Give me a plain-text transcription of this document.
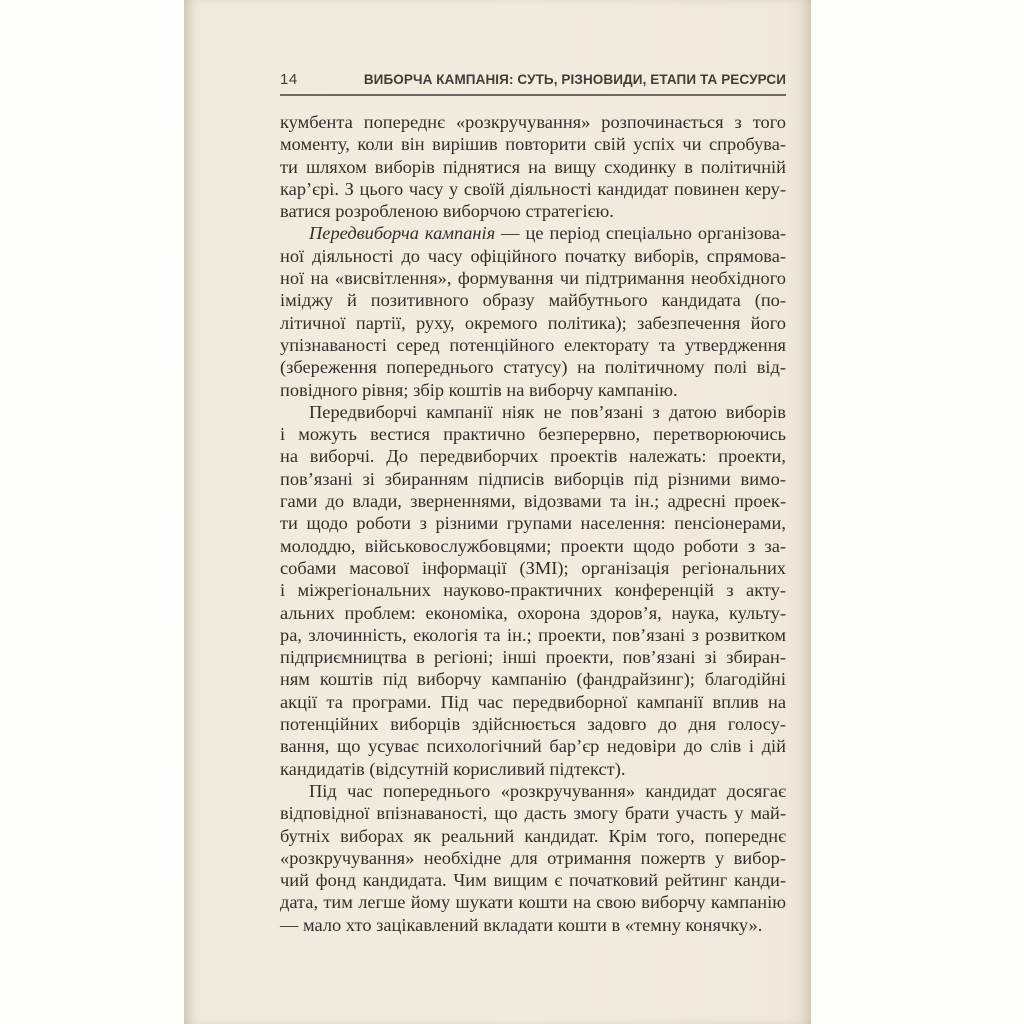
14	ВИБОРЧА КАМПАНІЯ: СУТЬ, РІЗНОВИДИ, ЕТАПИ ТА РЕСУРСИ
кумбента попереднє «розкручування» розпочинається з того
моменту, коли він вирішив повторити свій успіх чи спробува-
ти шляхом виборів піднятися на вищу сходинку в політичній
кар’єрі. З цього часу у своїй діяльності кандидат повинен керу-
ватися розробленою виборчою стратегією.
Передвиборча кампанія — це період спеціально організова-
ної діяльності до часу офіційного початку виборів, спрямова-
ної на «висвітлення», формування чи підтримання необхідного
іміджу й позитивного образу майбутнього кандидата (по-
літичної партії, руху, окремого політика); забезпечення його
упізнаваності серед потенційного електорату та утвердження
(збереження попереднього статусу) на політичному полі від-
повідного рівня; збір коштів на виборчу кампанію.
Передвиборчі кампанії ніяк не пов’язані з датою виборів
і можуть вестися практично безперервно, перетворюючись
на виборчі. До передвиборчих проектів належать: проекти,
пов’язані зі збиранням підписів виборців під різними вимо-
гами до влади, зверненнями, відозвами та ін.; адресні проек-
ти щодо роботи з різними групами населення: пенсіонерами,
молоддю, військовослужбовцями; проекти щодо роботи з за-
собами масової інформації (ЗМІ); організація регіональних
і міжрегіональних науково-практичних конференцій з акту-
альних проблем: економіка, охорона здоров’я, наука, культу-
ра, злочинність, екологія та ін.; проекти, пов’язані з розвитком
підприємництва в регіоні; інші проекти, пов’язані зі збиран-
ням коштів під виборчу кампанію (фандрайзинг); благодійні
акції та програми. Під час передвиборної кампанії вплив на
потенційних виборців здійснюється задовго до дня голосу-
вання, що усуває психологічний бар’єр недовіри до слів і дій
кандидатів (відсутній корисливий підтекст).
Під час попереднього «розкручування» кандидат досягає
відповідної впізнаваності, що дасть змогу брати участь у май-
бутніх виборах як реальний кандидат. Крім того, попереднє
«розкручування» необхідне для отримання пожертв у вибор-
чий фонд кандидата. Чим вищим є початковий рейтинг канди-
дата, тим легше йому шукати кошти на свою виборчу кампанію
— мало хто зацікавлений вкладати кошти в «темну конячку».
